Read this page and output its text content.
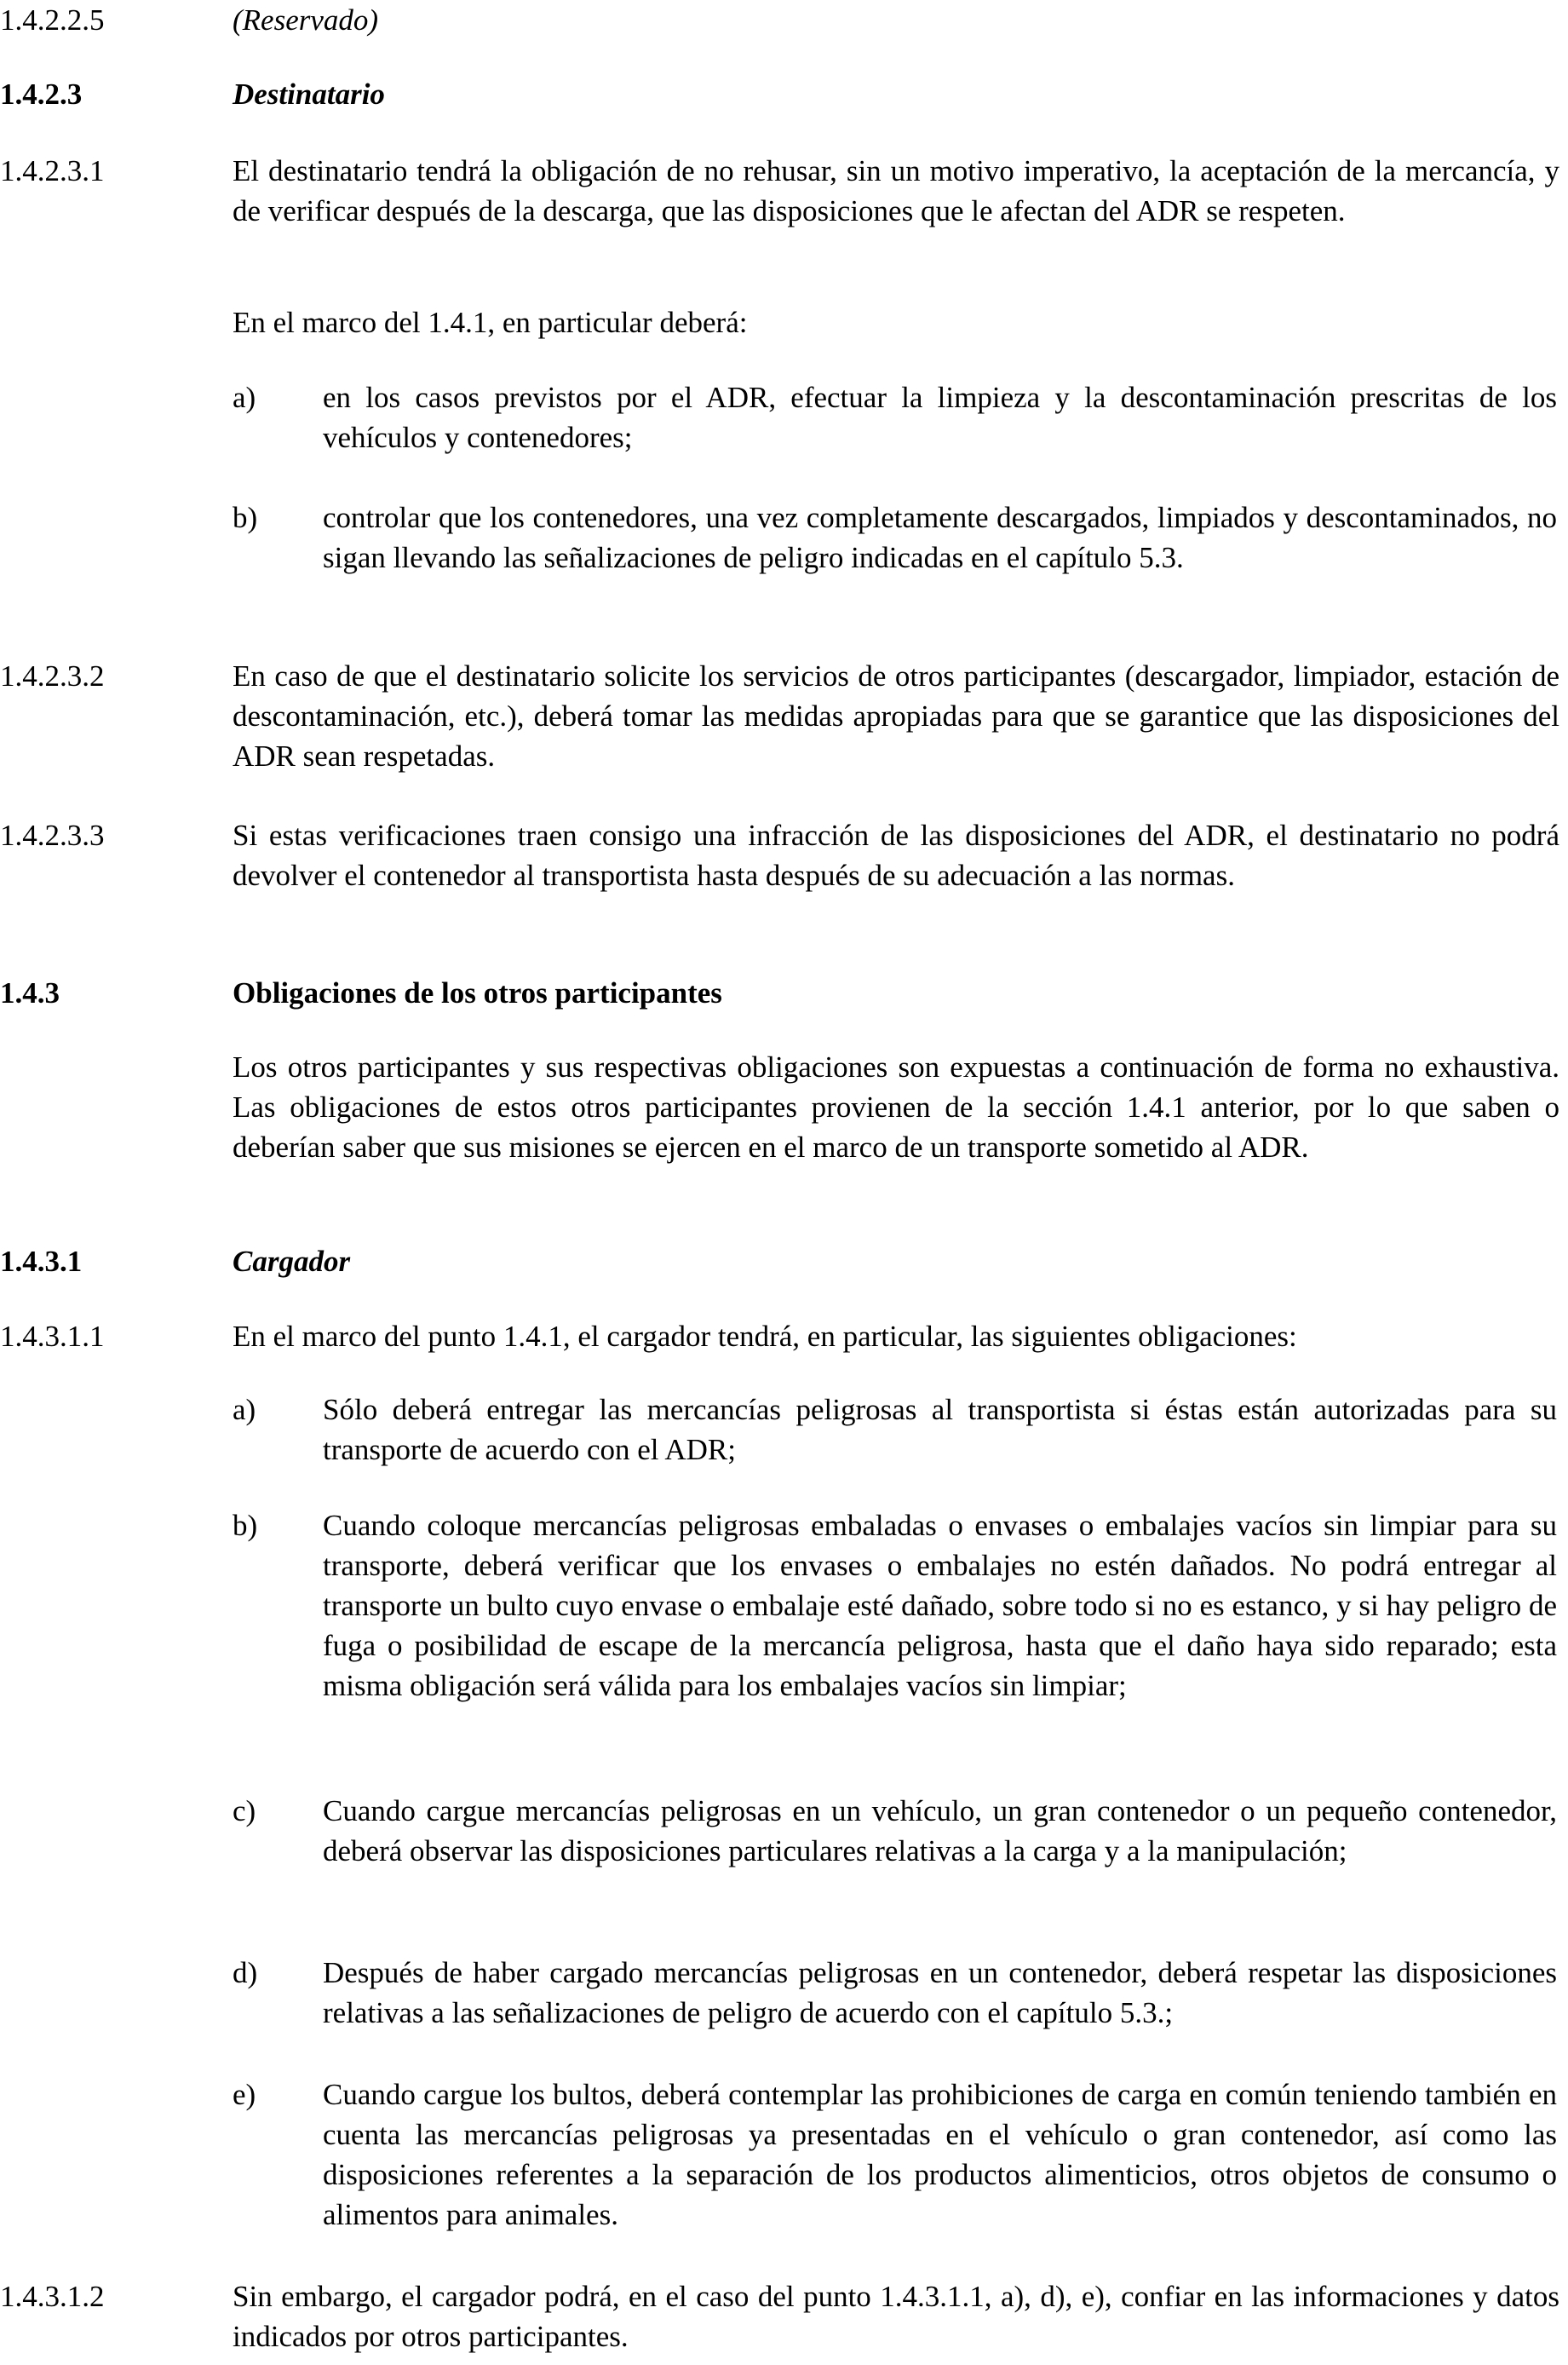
1.4.2.2.5	(Reservado)
1.4.2.3	Destinatario
1.4.2.3.1	El destinatario tendrá la obligación de no rehusar, sin un motivo imperativo, la aceptación de la mercancía, y de verificar después de la descarga, que las disposiciones que le afectan del ADR se respeten.
En el marco del 1.4.1, en particular deberá:
a) en los casos previstos por el ADR, efectuar la limpieza y la descontaminación prescritas de los vehículos y contenedores;
b) controlar que los contenedores, una vez completamente descargados, limpiados y descontaminados, no sigan llevando las señalizaciones de peligro indicadas en el capítulo 5.3.
1.4.2.3.2	En caso de que el destinatario solicite los servicios de otros participantes (descargador, limpiador, estación de descontaminación, etc.), deberá tomar las medidas apropiadas para que se garantice que las disposiciones del ADR sean respetadas.
1.4.2.3.3	Si estas verificaciones traen consigo una infracción de las disposiciones del ADR, el destinatario no podrá devolver el contenedor al transportista hasta después de su adecuación a las normas.
1.4.3	Obligaciones de los otros participantes
Los otros participantes y sus respectivas obligaciones son expuestas a continuación de forma no exhaustiva. Las obligaciones de estos otros participantes provienen de la sección 1.4.1 anterior, por lo que saben o deberían saber que sus misiones se ejercen en el marco de un transporte sometido al ADR.
1.4.3.1	Cargador
1.4.3.1.1	En el marco del punto 1.4.1, el cargador tendrá, en particular, las siguientes obligaciones:
a) Sólo deberá entregar las mercancías peligrosas al transportista si éstas están autorizadas para su transporte de acuerdo con el ADR;
b) Cuando coloque mercancías peligrosas embaladas o envases o embalajes vacíos sin limpiar para su transporte, deberá verificar que los envases o embalajes no estén dañados. No podrá entregar al transporte un bulto cuyo envase o embalaje esté dañado, sobre todo si no es estanco, y si hay peligro de fuga o posibilidad de escape de la mercancía peligrosa, hasta que el daño haya sido reparado; esta misma obligación será válida para los embalajes vacíos sin limpiar;
c) Cuando cargue mercancías peligrosas en un vehículo, un gran contenedor o un pequeño contenedor, deberá observar las disposiciones particulares relativas a la carga y a la manipulación;
d) Después de haber cargado mercancías peligrosas en un contenedor, deberá respetar las disposiciones relativas a las señalizaciones de peligro de acuerdo con el capítulo 5.3.;
e) Cuando cargue los bultos, deberá contemplar las prohibiciones de carga en común teniendo también en cuenta las mercancías peligrosas ya presentadas en el vehículo o gran contenedor, así como las disposiciones referentes a la separación de los productos alimenticios, otros objetos de consumo o alimentos para animales.
1.4.3.1.2	Sin embargo, el cargador podrá, en el caso del punto 1.4.3.1.1, a), d), e), confiar en las informaciones y datos indicados por otros participantes.
